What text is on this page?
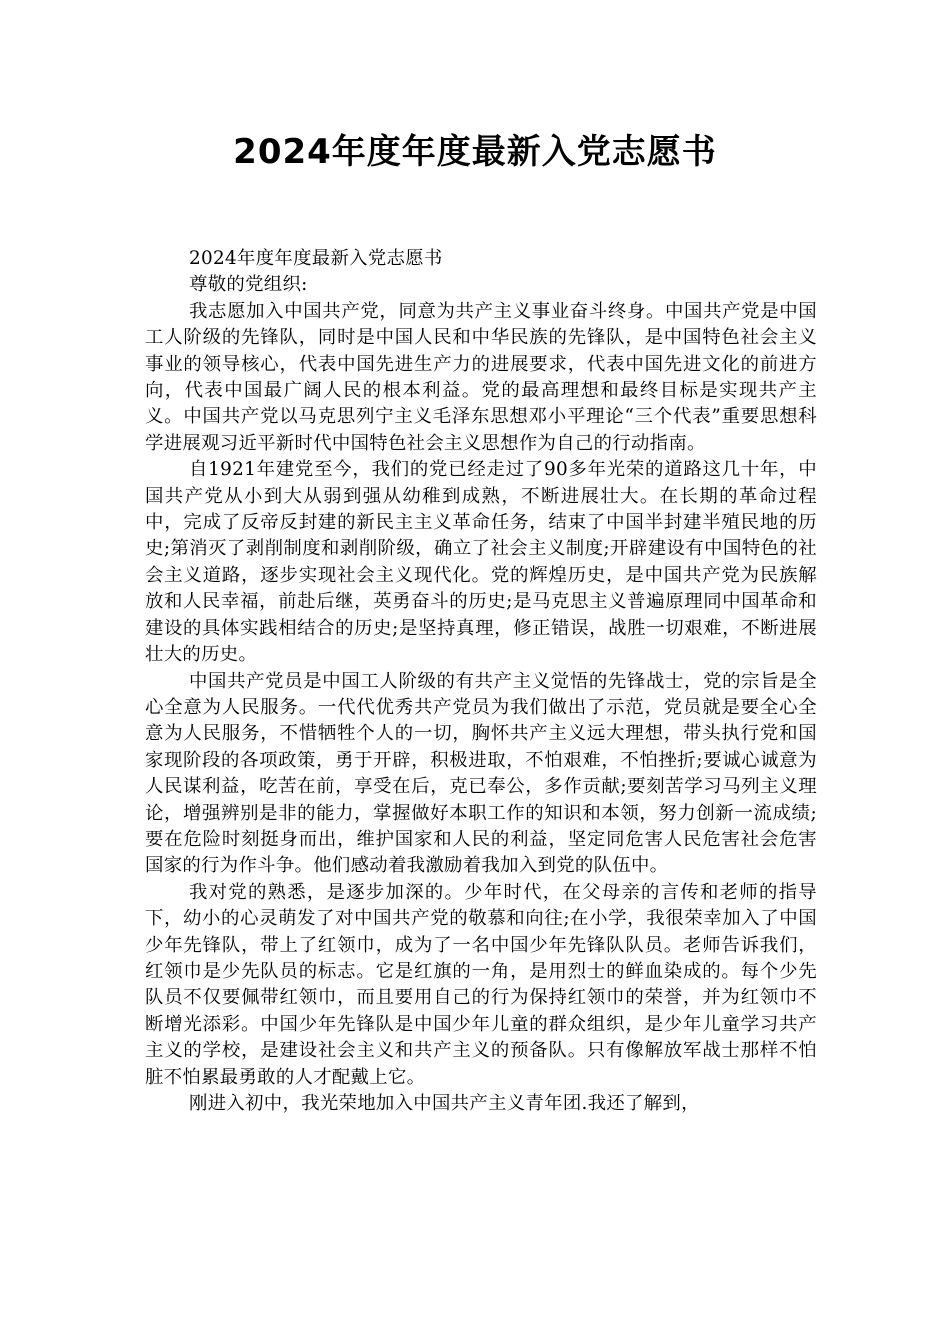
2024年度年度最新入党志愿书

2024年度年度最新入党志愿书

尊敬的党组织:

我志愿加入中国共产党，同意为共产主义事业奋斗终身。中国共产党是中国工人阶级的先锋队，同时是中国人民和中华民族的先锋队，是中国特色社会主义事业的领导核心，代表中国先进生产力的进展要求，代表中国先进文化的前进方向，代表中国最广阔人民的根本利益。党的最高理想和最终目标是实现共产主义。中国共产党以马克思列宁主义毛泽东思想邓小平理论“三个代表”重要思想科学进展观习近平新时代中国特色社会主义思想作为自己的行动指南。

自1921年建党至今，我们的党已经走过了90多年光荣的道路这几十年，中国共产党从小到大从弱到强从幼稚到成熟，不断进展壮大。在长期的革命过程中，完成了反帝反封建的新民主主义革命任务，结束了中国半封建半殖民地的历史;第消灭了剥削制度和剥削阶级，确立了社会主义制度;开辟建设有中国特色的社会主义道路，逐步实现社会主义现代化。党的辉煌历史，是中国共产党为民族解放和人民幸福，前赴后继，英勇奋斗的历史;是马克思主义普遍原理同中国革命和建设的具体实践相结合的历史;是坚持真理，修正错误，战胜一切艰难，不断进展壮大的历史。

中国共产党员是中国工人阶级的有共产主义觉悟的先锋战士，党的宗旨是全心全意为人民服务。一代代优秀共产党员为我们做出了示范，党员就是要全心全意为人民服务，不惜牺牲个人的一切，胸怀共产主义远大理想，带头执行党和国家现阶段的各项政策，勇于开辟，积极进取，不怕艰难，不怕挫折;要诚心诚意为人民谋利益，吃苦在前，享受在后，克已奉公，多作贡献;要刻苦学习马列主义理论，增强辨别是非的能力，掌握做好本职工作的知识和本领，努力创新一流成绩;要在危险时刻挺身而出，维护国家和人民的利益，坚定同危害人民危害社会危害国家的行为作斗争。他们感动着我激励着我加入到党的队伍中。

我对党的熟悉，是逐步加深的。少年时代，在父母亲的言传和老师的指导下，幼小的心灵萌发了对中国共产党的敬慕和向往;在小学，我很荣幸加入了中国少年先锋队，带上了红领巾，成为了一名中国少年先锋队队员。老师告诉我们，红领巾是少先队员的标志。它是红旗的一角，是用烈士的鲜血染成的。每个少先队员不仅要佩带红领巾，而且要用自己的行为保持红领巾的荣誉，并为红领巾不断增光添彩。中国少年先锋队是中国少年儿童的群众组织，是少年儿童学习共产主义的学校，是建设社会主义和共产主义的预备队。只有像解放军战士那样不怕脏不怕累最勇敢的人才配戴上它。

刚进入初中，我光荣地加入中国共产主义青年团.我还了解到，
